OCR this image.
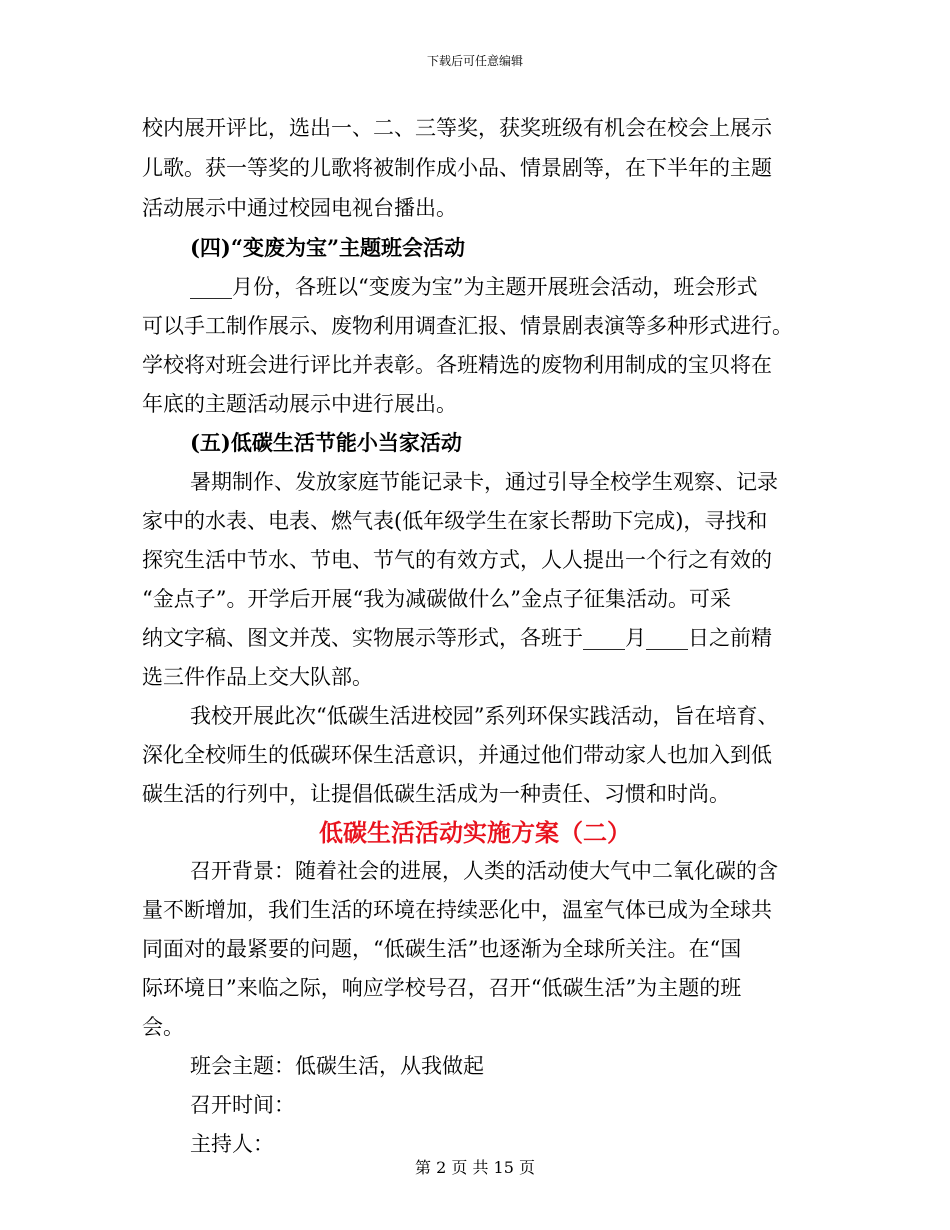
下载后可任意编辑
校内展开评比，选出一、二、三等奖，获奖班级有机会在校会上展示
儿歌。获一等奖的儿歌将被制作成小品、情景剧等，在下半年的主题
活动展示中通过校园电视台播出。
(四)“变废为宝”主题班会活动
____月份，各班以“变废为宝”为主题开展班会活动，班会形式
可以手工制作展示、废物利用调查汇报、情景剧表演等多种形式进行。
学校将对班会进行评比并表彰。各班精选的废物利用制成的宝贝将在
年底的主题活动展示中进行展出。
(五)低碳生活节能小当家活动
暑期制作、发放家庭节能记录卡，通过引导全校学生观察、记录
家中的水表、电表、燃气表(低年级学生在家长帮助下完成)，寻找和
探究生活中节水、节电、节气的有效方式，人人提出一个行之有效的
“金点子”。开学后开展“我为减碳做什么”金点子征集活动。可采
纳文字稿、图文并茂、实物展示等形式，各班于____月____日之前精
选三件作品上交大队部。
我校开展此次“低碳生活进校园”系列环保实践活动，旨在培育、
深化全校师生的低碳环保生活意识，并通过他们带动家人也加入到低
碳生活的行列中，让提倡低碳生活成为一种责任、习惯和时尚。
低碳生活活动实施方案（二）
召开背景：随着社会的进展，人类的活动使大气中二氧化碳的含
量不断增加，我们生活的环境在持续恶化中，温室气体已成为全球共
同面对的最紧要的问题，“低碳生活”也逐渐为全球所关注。在“国
际环境日”来临之际，响应学校号召，召开“低碳生活”为主题的班
会。
班会主题：低碳生活，从我做起
召开时间：
主持人：
第 2 页 共 15 页
